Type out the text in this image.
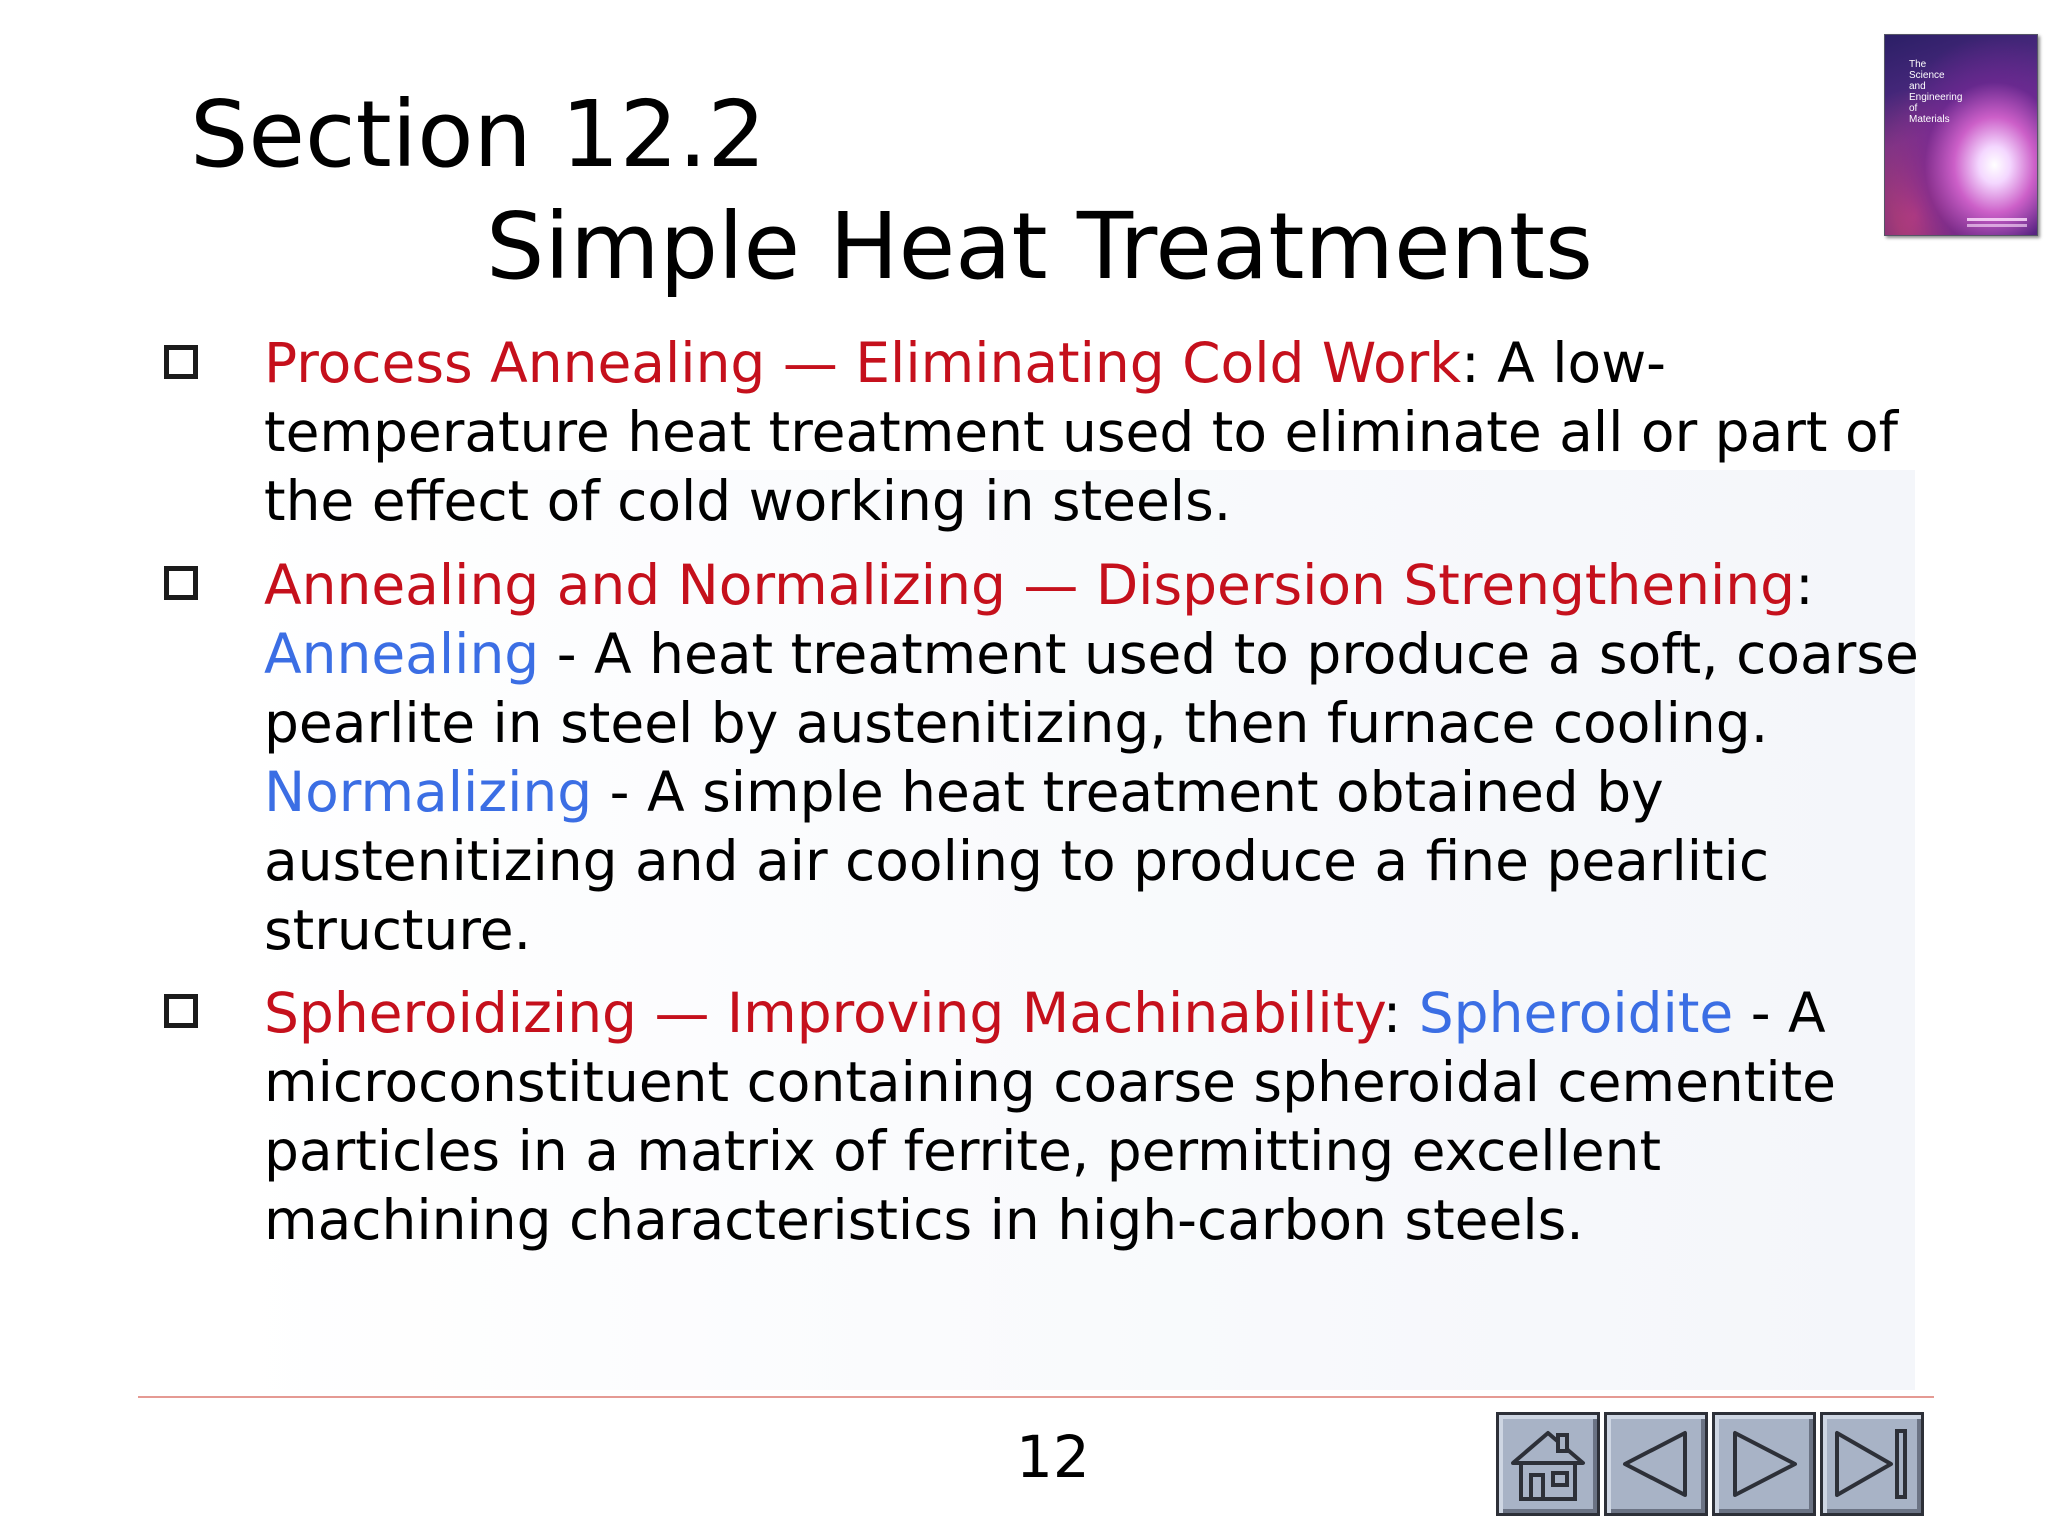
Section 12.2
Simple Heat Treatments
The
Science
and
Engineering
of
Materials
Process Annealing — Eliminating Cold Work: A low-temperature heat treatment used to eliminate all or part of the effect of cold working in steels.
Annealing and Normalizing — Dispersion Strengthening:
Annealing - A heat treatment used to produce a soft, coarse pearlite in steel by austenitizing, then furnace cooling. Normalizing - A simple heat treatment obtained by austenitizing and air cooling to produce a fine pearlitic structure.
Spheroidizing — Improving Machinability: Spheroidite - A microconstituent containing coarse spheroidal cementite particles in a matrix of ferrite, permitting excellent machining characteristics in high-carbon steels.
12
